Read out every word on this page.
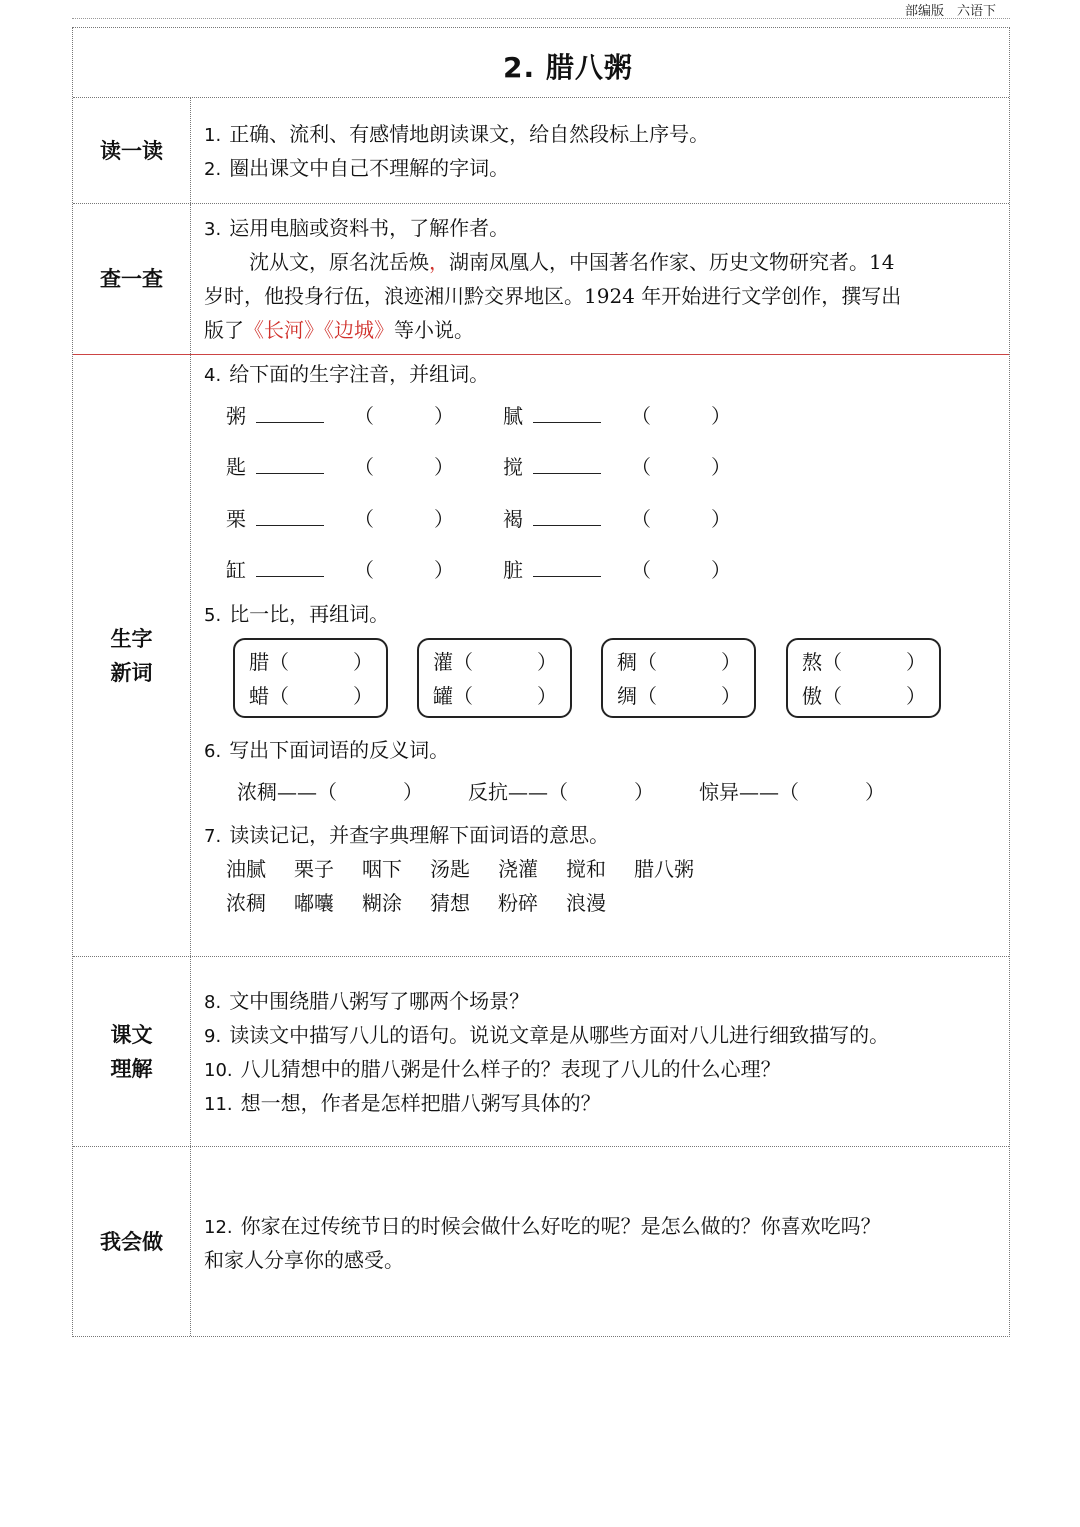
部编版　六语下
2. 腊八粥
读一读
1. 正确、流利、有感情地朗读课文，给自然段标上序号。
2. 圈出课文中自己不理解的字词。
查一查
3. 运用电脑或资料书，了解作者。
沈从文，原名沈岳焕，湖南凤凰人，中国著名作家、历史文物研究者。14
岁时，他投身行伍，浪迹湘川黔交界地区。1924 年开始进行文学创作，撰写出
版了《长河》《边城》等小说。
生字
新词
4. 给下面的生字注音，并组词。
粥	（	） 腻	（	）
匙	（	） 搅	（	）
栗	（	） 褐	（	）
缸	（	） 脏	（	）
5. 比一比，再组词。
腊（	）
蜡（	）
灌（	）
罐（	）
稠（	）
绸（	）
熬（	）
傲（	）
6. 写出下面词语的反义词。
浓稠——（	） 反抗——（	） 惊异——（	）
7. 读读记记，并查字典理解下面词语的意思。
油腻 栗子 咽下 汤匙 浇灌 搅和 腊八粥
浓稠 嘟囔 糊涂 猜想 粉碎 浪漫
课文
理解
8. 文中围绕腊八粥写了哪两个场景？
9. 读读文中描写八儿的语句。说说文章是从哪些方面对八儿进行细致描写的。
10. 八儿猜想中的腊八粥是什么样子的？表现了八儿的什么心理？
11. 想一想，作者是怎样把腊八粥写具体的？
我会做
12. 你家在过传统节日的时候会做什么好吃的呢？是怎么做的？你喜欢吃吗？
和家人分享你的感受。
